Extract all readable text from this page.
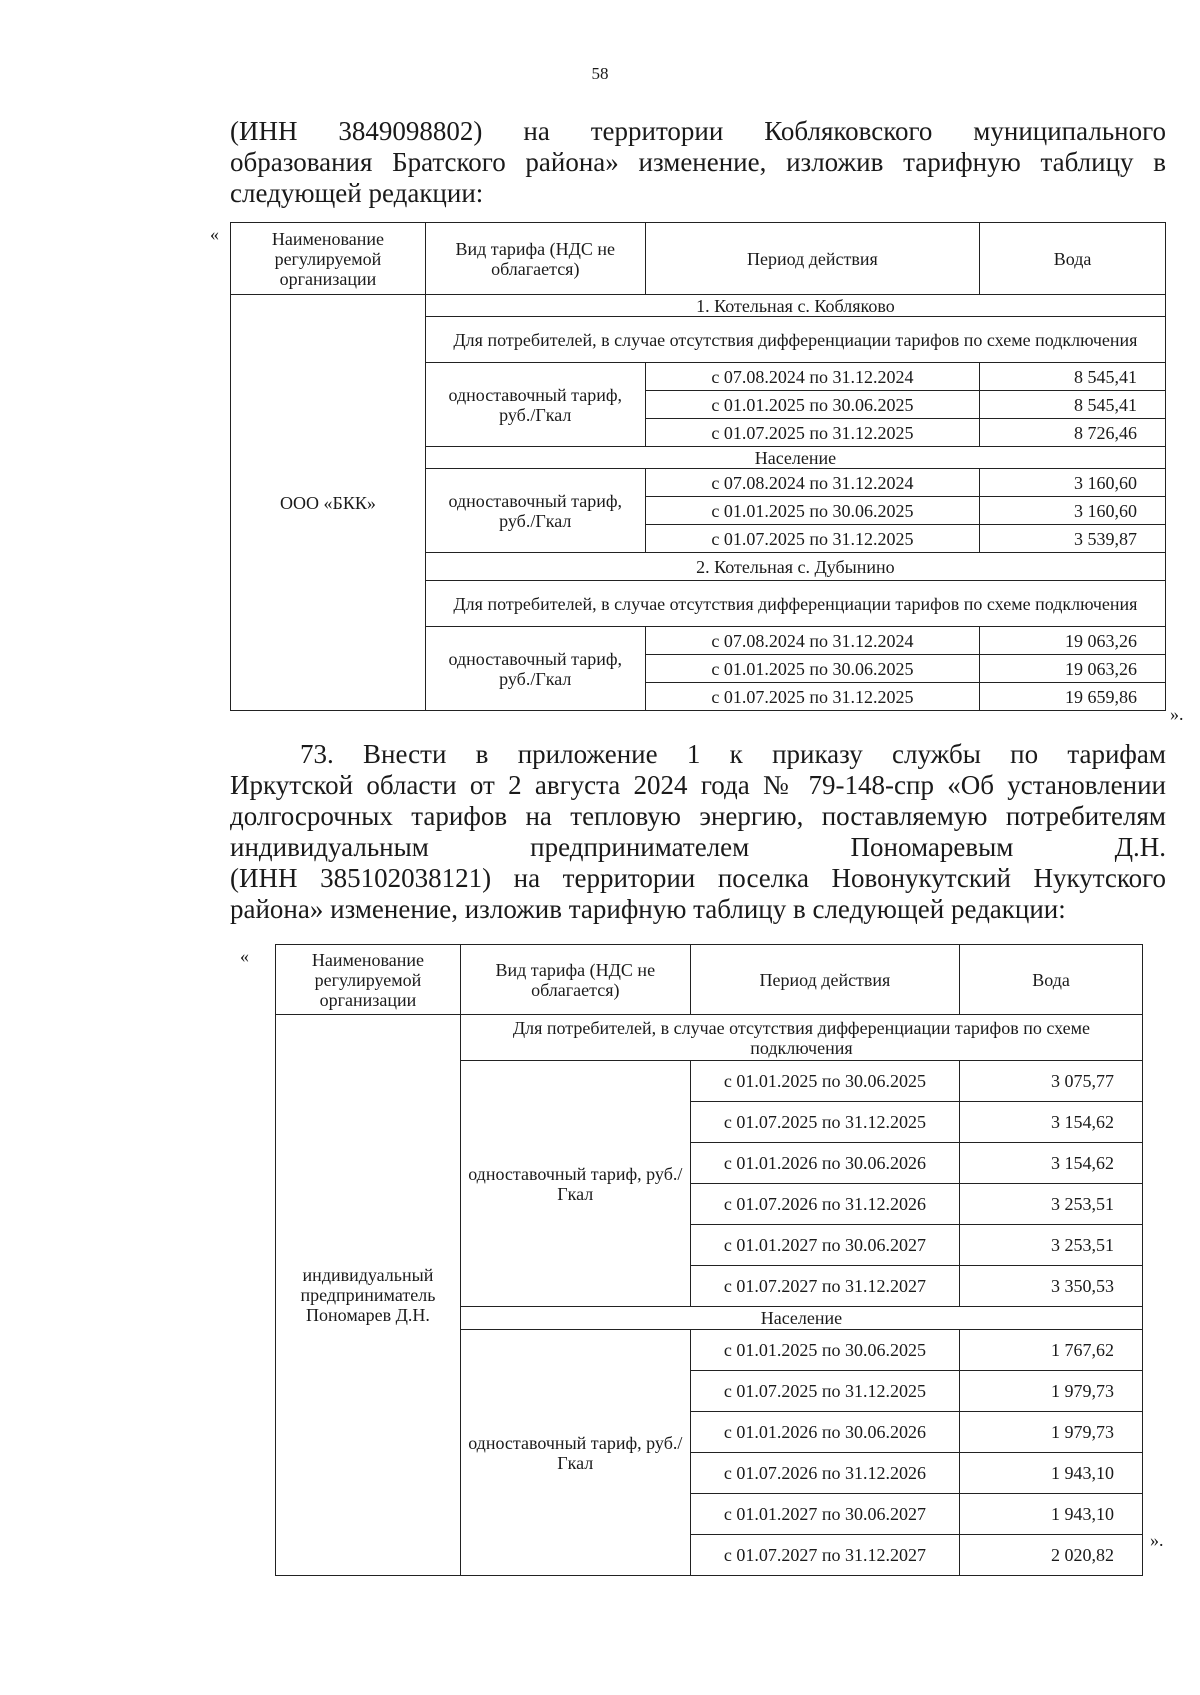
58
(ИНН 3849098802) на территории Кобляковского муниципального
образования Братского района» изменение, изложив тарифную таблицу в
следующей редакции:
«	Наименование регулируемой организации	Вид тарифа (НДС не облагается)	Период действия	Вода
ООО «БКК»	1. Котельная с. Кобляково		
	Для потребителей, в случае отсутствия дифференциации тарифов по схеме подключения		
	одноставочный тариф, руб./Гкал	с 07.08.2024 по 31.12.2024	8 545,41
		с 01.01.2025 по 30.06.2025	8 545,41
		с 01.07.2025 по 31.12.2025	8 726,46
	Население		
	одноставочный тариф, руб./Гкал	с 07.08.2024 по 31.12.2024	3 160,60
		с 01.01.2025 по 30.06.2025	3 160,60
		с 01.07.2025 по 31.12.2025	3 539,87
	2. Котельная с. Дубынино		
	Для потребителей, в случае отсутствия дифференциации тарифов по схеме подключения		
	одноставочный тариф, руб./Гкал	с 07.08.2024 по 31.12.2024	19 063,26
		с 01.01.2025 по 30.06.2025	19 063,26
		с 01.07.2025 по 31.12.2025	19 659,86
».
73. Внести в приложение 1 к приказу службы по тарифам
Иркутской области от 2 августа 2024 года № 79-148-спр «Об установлении
долгосрочных тарифов на тепловую энергию, поставляемую потребителям
индивидуальным предпринимателем Пономаревым Д.Н.
(ИНН 385102038121) на территории поселка Новонукутский Нукутского
района» изменение, изложив тарифную таблицу в следующей редакции:
«	Наименование регулируемой организации	Вид тарифа (НДС не облагается)	Период действия	Вода
индивидуальный предприниматель Пономарев Д.Н.	Для потребителей, в случае отсутствия дифференциации тарифов по схеме подключения		
	одноставочный тариф, руб./Гкал	с 01.01.2025 по 30.06.2025	3 075,77
		с 01.07.2025 по 31.12.2025	3 154,62
		с 01.01.2026 по 30.06.2026	3 154,62
		с 01.07.2026 по 31.12.2026	3 253,51
		с 01.01.2027 по 30.06.2027	3 253,51
		с 01.07.2027 по 31.12.2027	3 350,53
	Население		
	одноставочный тариф, руб./Гкал	с 01.01.2025 по 30.06.2025	1 767,62
		с 01.07.2025 по 31.12.2025	1 979,73
		с 01.01.2026 по 30.06.2026	1 979,73
		с 01.07.2026 по 31.12.2026	1 943,10
		с 01.01.2027 по 30.06.2027	1 943,10
		с 01.07.2027 по 31.12.2027	2 020,82
».
